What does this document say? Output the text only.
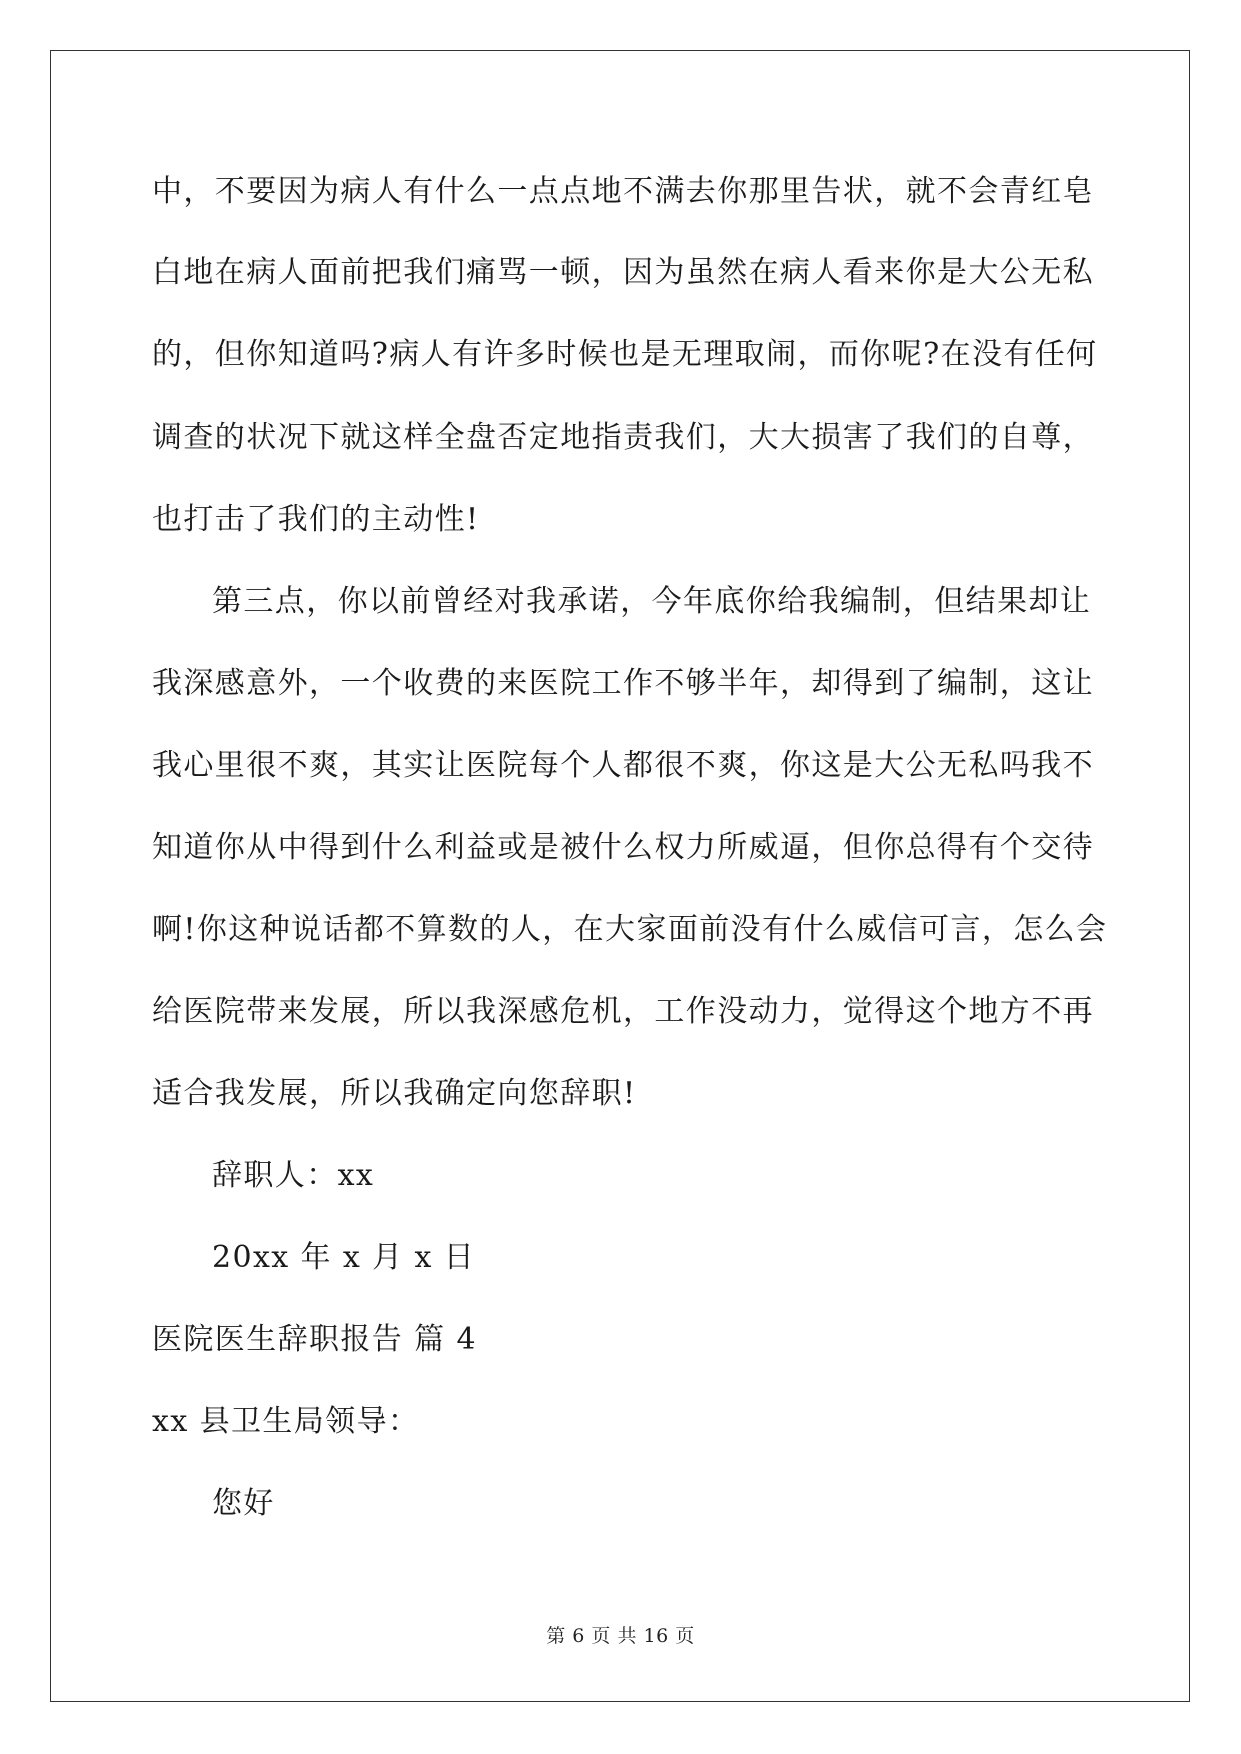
中，不要因为病人有什么一点点地不满去你那里告状，就不会青红皂
白地在病人面前把我们痛骂一顿，因为虽然在病人看来你是大公无私
的，但你知道吗?病人有许多时候也是无理取闹，而你呢?在没有任何
调查的状况下就这样全盘否定地指责我们，大大损害了我们的自尊，
也打击了我们的主动性!
第三点，你以前曾经对我承诺，今年底你给我编制，但结果却让
我深感意外，一个收费的来医院工作不够半年，却得到了编制，这让
我心里很不爽，其实让医院每个人都很不爽，你这是大公无私吗我不
知道你从中得到什么利益或是被什么权力所威逼，但你总得有个交待
啊!你这种说话都不算数的人，在大家面前没有什么威信可言，怎么会
给医院带来发展，所以我深感危机，工作没动力，觉得这个地方不再
适合我发展，所以我确定向您辞职!
辞职人：xx
20xx 年 x 月 x 日
医院医生辞职报告 篇 4
xx 县卫生局领导：
您好
第 6 页 共 16 页
